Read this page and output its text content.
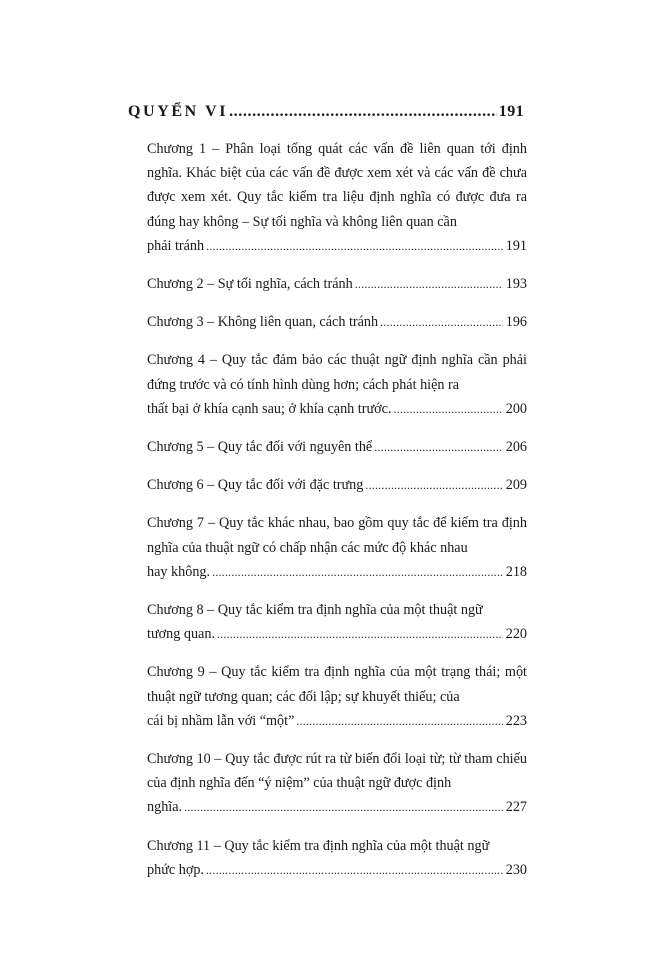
QUYỂN VI .....	191
Chương 1 – Phân loại tổng quát các vấn đề liên quan tới định nghĩa. Khác biệt của các vấn đề được xem xét và các vấn đề chưa được xem xét. Quy tắc kiểm tra liệu định nghĩa có được đưa ra đúng hay không – Sự tối nghĩa và không liên quan cần
phải tránh .....	191
Chương 2 – Sự tối nghĩa, cách tránh .....	193
Chương 3 – Không liên quan, cách tránh .....	196
Chương 4 – Quy tắc đảm bảo các thuật ngữ định nghĩa cần phải đứng trước và có tính hình dùng hơn; cách phát hiện ra
thất bại ở khía cạnh sau; ở khía cạnh trước. .....	200
Chương 5 – Quy tắc đối với nguyên thể .....	206
Chương 6 – Quy tắc đối với đặc trưng .....	209
Chương 7 – Quy tắc khác nhau, bao gồm quy tắc để kiểm tra định nghĩa của thuật ngữ có chấp nhận các mức độ khác nhau
hay không. .....	218
Chương 8 – Quy tắc kiểm tra định nghĩa của một thuật ngữ
tương quan. .....	220
Chương 9 – Quy tắc kiểm tra định nghĩa của một trạng thái; một thuật ngữ tương quan; các đối lập; sự khuyết thiếu; của
cái bị nhầm lẫn với “một” .....	223
Chương 10 – Quy tắc được rút ra từ biến đổi loại từ; từ tham chiếu của định nghĩa đến “ý niệm” của thuật ngữ được định
nghĩa. .....	227
Chương 11 – Quy tắc kiểm tra định nghĩa của một thuật ngữ
phức hợp. .....	230
